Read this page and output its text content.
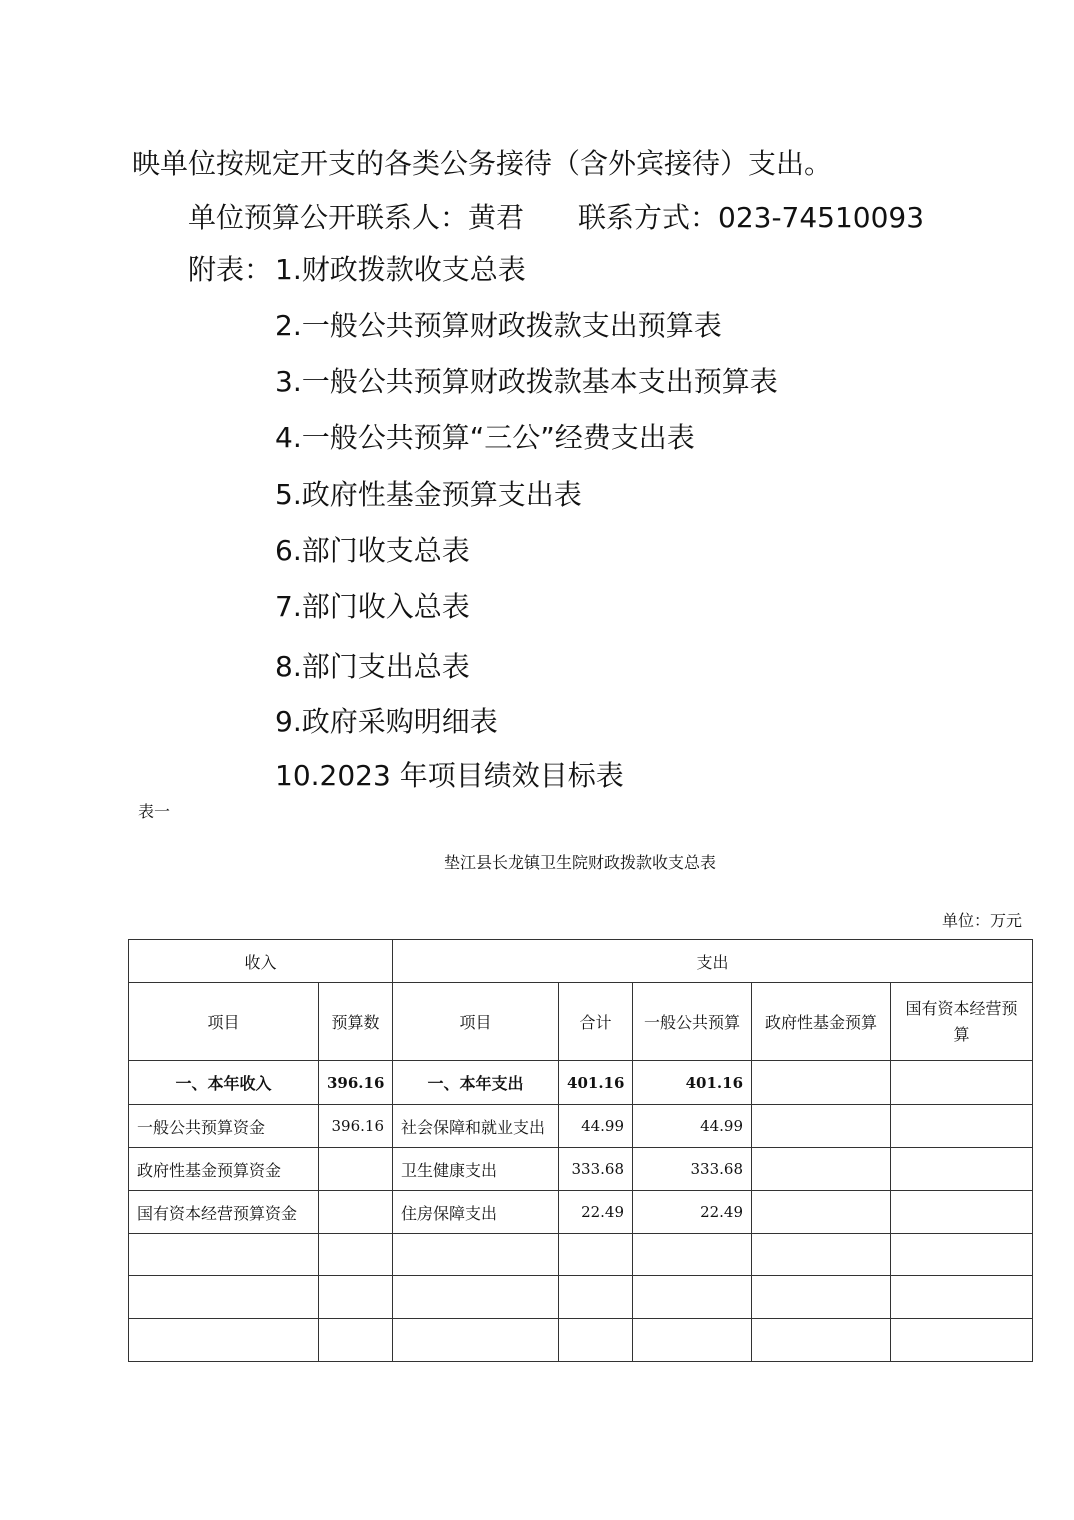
映单位按规定开支的各类公务接待（含外宾接待）支出。
单位预算公开联系人：黄君 联系方式：023-74510093
附表： 1.财政拨款收支总表
2.一般公共预算财政拨款支出预算表
3.一般公共预算财政拨款基本支出预算表
4.一般公共预算“三公”经费支出表
5.政府性基金预算支出表
6.部门收支总表
7.部门收入总表
8.部门支出总表
9.政府采购明细表
10.2023 年项目绩效目标表
表一
垫江县长龙镇卫生院财政拨款收支总表
单位：万元
收入		支出				
项目	预算数	项目	合计	一般公共预算	政府性基金预算	国有资本经营预算
一、本年收入	396.16	一、本年支出	401.16	401.16		
一般公共预算资金	396.16	社会保障和就业支出	44.99	44.99		
政府性基金预算资金		卫生健康支出	333.68	333.68		
国有资本经营预算资金		住房保障支出	22.49	22.49		
